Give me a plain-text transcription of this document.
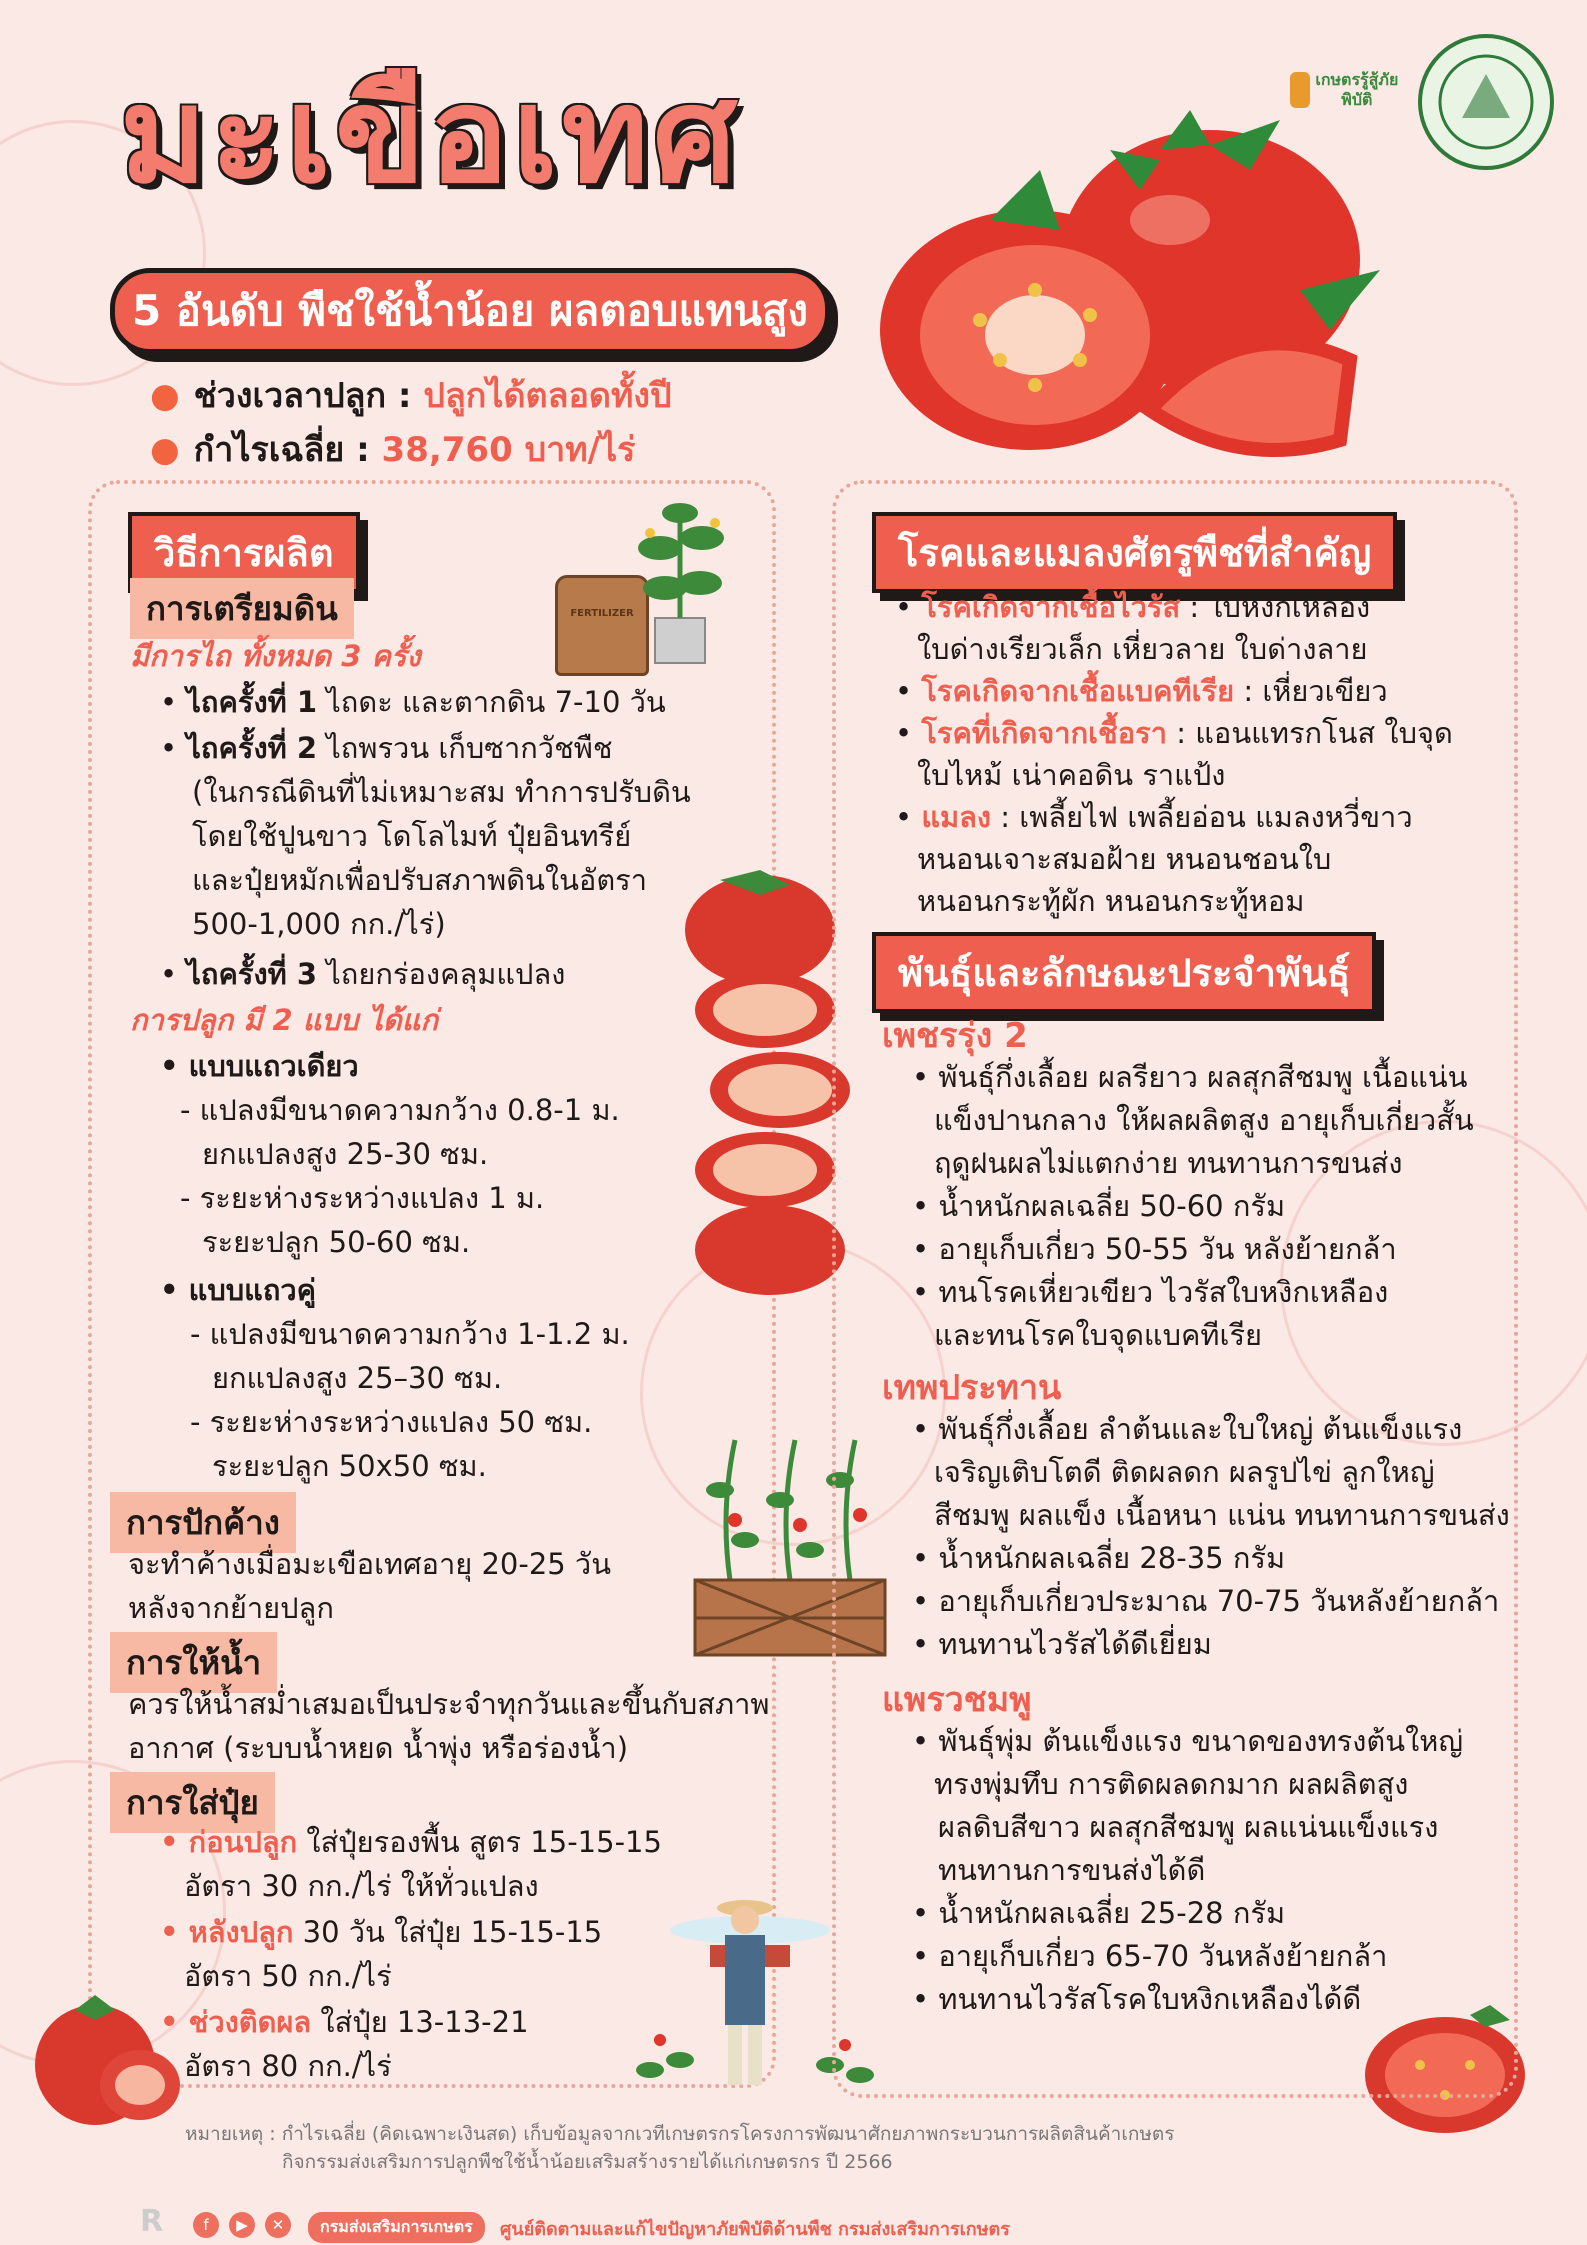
มะเขือเทศ
5 อันดับ พืชใช้น้ำน้อย ผลตอบแทนสูง
● ช่วงเวลาปลูก : ปลูกได้ตลอดทั้งปี
● กำไรเฉลี่ย : 38,760 บาท/ไร่
เกษตรรู้สู้ภัยพิบัติ
วิธีการผลิต
FERTILIZER
การเตรียมดิน
มีการไถ ทั้งหมด 3 ครั้ง
• ไถครั้งที่ 1 ไถดะ และตากดิน 7-10 วัน
• ไถครั้งที่ 2 ไถพรวน เก็บซากวัชพืช
(ในกรณีดินที่ไม่เหมาะสม ทำการปรับดิน
โดยใช้ปูนขาว โดโลไมท์ ปุ๋ยอินทรีย์
และปุ๋ยหมักเพื่อปรับสภาพดินในอัตรา
500-1,000 กก./ไร่)
• ไถครั้งที่ 3 ไถยกร่องคลุมแปลง
การปลูก มี 2 แบบ ได้แก่
• แบบแถวเดียว
- แปลงมีขนาดความกว้าง 0.8-1 ม.
ยกแปลงสูง 25-30 ซม.
- ระยะห่างระหว่างแปลง 1 ม.
ระยะปลูก 50-60 ซม.
• แบบแถวคู่
- แปลงมีขนาดความกว้าง 1-1.2 ม.
ยกแปลงสูง 25–30 ซม.
- ระยะห่างระหว่างแปลง 50 ซม.
ระยะปลูก 50x50 ซม.
การปักค้าง
จะทำค้างเมื่อมะเขือเทศอายุ 20-25 วัน
หลังจากย้ายปลูก
การให้น้ำ
ควรให้น้ำสม่ำเสมอเป็นประจำทุกวันและขึ้นกับสภาพ
อากาศ (ระบบน้ำหยด น้ำพุ่ง หรือร่องน้ำ)
การใส่ปุ๋ย
• ก่อนปลูก ใส่ปุ๋ยรองพื้น สูตร 15-15-15
อัตรา 30 กก./ไร่ ให้ทั่วแปลง
• หลังปลูก 30 วัน ใส่ปุ๋ย 15-15-15
อัตรา 50 กก./ไร่
• ช่วงติดผล ใส่ปุ๋ย 13-13-21
อัตรา 80 กก./ไร่
โรคและแมลงศัตรูพืชที่สำคัญ
• โรคเกิดจากเชื้อไวรัส : ใบหงิกเหลือง
ใบด่างเรียวเล็ก เหี่ยวลาย ใบด่างลาย
• โรคเกิดจากเชื้อแบคทีเรีย : เหี่ยวเขียว
• โรคที่เกิดจากเชื้อรา : แอนแทรกโนส ใบจุด
ใบไหม้ เน่าคอดิน ราแป้ง
• แมลง : เพลี้ยไฟ เพลี้ยอ่อน แมลงหวี่ขาว
หนอนเจาะสมอฝ้าย หนอนชอนใบ
หนอนกระทู้ผัก หนอนกระทู้หอม
พันธุ์และลักษณะประจำพันธุ์
เพชรรุ่ง 2
• พันธุ์กึ่งเลื้อย ผลรียาว ผลสุกสีชมพู เนื้อแน่น
แข็งปานกลาง ให้ผลผลิตสูง อายุเก็บเกี่ยวสั้น
ฤดูฝนผลไม่แตกง่าย ทนทานการขนส่ง
• น้ำหนักผลเฉลี่ย 50-60 กรัม
• อายุเก็บเกี่ยว 50-55 วัน หลังย้ายกล้า
• ทนโรคเหี่ยวเขียว ไวรัสใบหงิกเหลือง
และทนโรคใบจุดแบคทีเรีย
เทพประทาน
• พันธุ์กึ่งเลื้อย ลำต้นและใบใหญ่ ต้นแข็งแรง
เจริญเติบโตดี ติดผลดก ผลรูปไข่ ลูกใหญ่
สีชมพู ผลแข็ง เนื้อหนา แน่น ทนทานการขนส่ง
• น้ำหนักผลเฉลี่ย 28-35 กรัม
• อายุเก็บเกี่ยวประมาณ 70-75 วันหลังย้ายกล้า
• ทนทานไวรัสได้ดีเยี่ยม
แพรวชมพู
• พันธุ์พุ่ม ต้นแข็งแรง ขนาดของทรงต้นใหญ่
ทรงพุ่มทึบ การติดผลดกมาก ผลผลิตสูง
ผลดิบสีขาว ผลสุกสีชมพู ผลแน่นแข็งแรง
ทนทานการขนส่งได้ดี
• น้ำหนักผลเฉลี่ย 25-28 กรัม
• อายุเก็บเกี่ยว 65-70 วันหลังย้ายกล้า
• ทนทานไวรัสโรคใบหงิกเหลืองได้ดี
หมายเหตุ : กำไรเฉลี่ย (คิดเฉพาะเงินสด) เก็บข้อมูลจากเวทีเกษตรกรโครงการพัฒนาศักยภาพกระบวนการผลิตสินค้าเกษตร
กิจกรรมส่งเสริมการปลูกพืชใช้น้ำน้อยเสริมสร้างรายได้แก่เกษตรกร ปี 2566
R	f	▶	✕	กรมส่งเสริมการเกษตร	ศูนย์ติดตามและแก้ไขปัญหาภัยพิบัติด้านพืช กรมส่งเสริมการเกษตร
